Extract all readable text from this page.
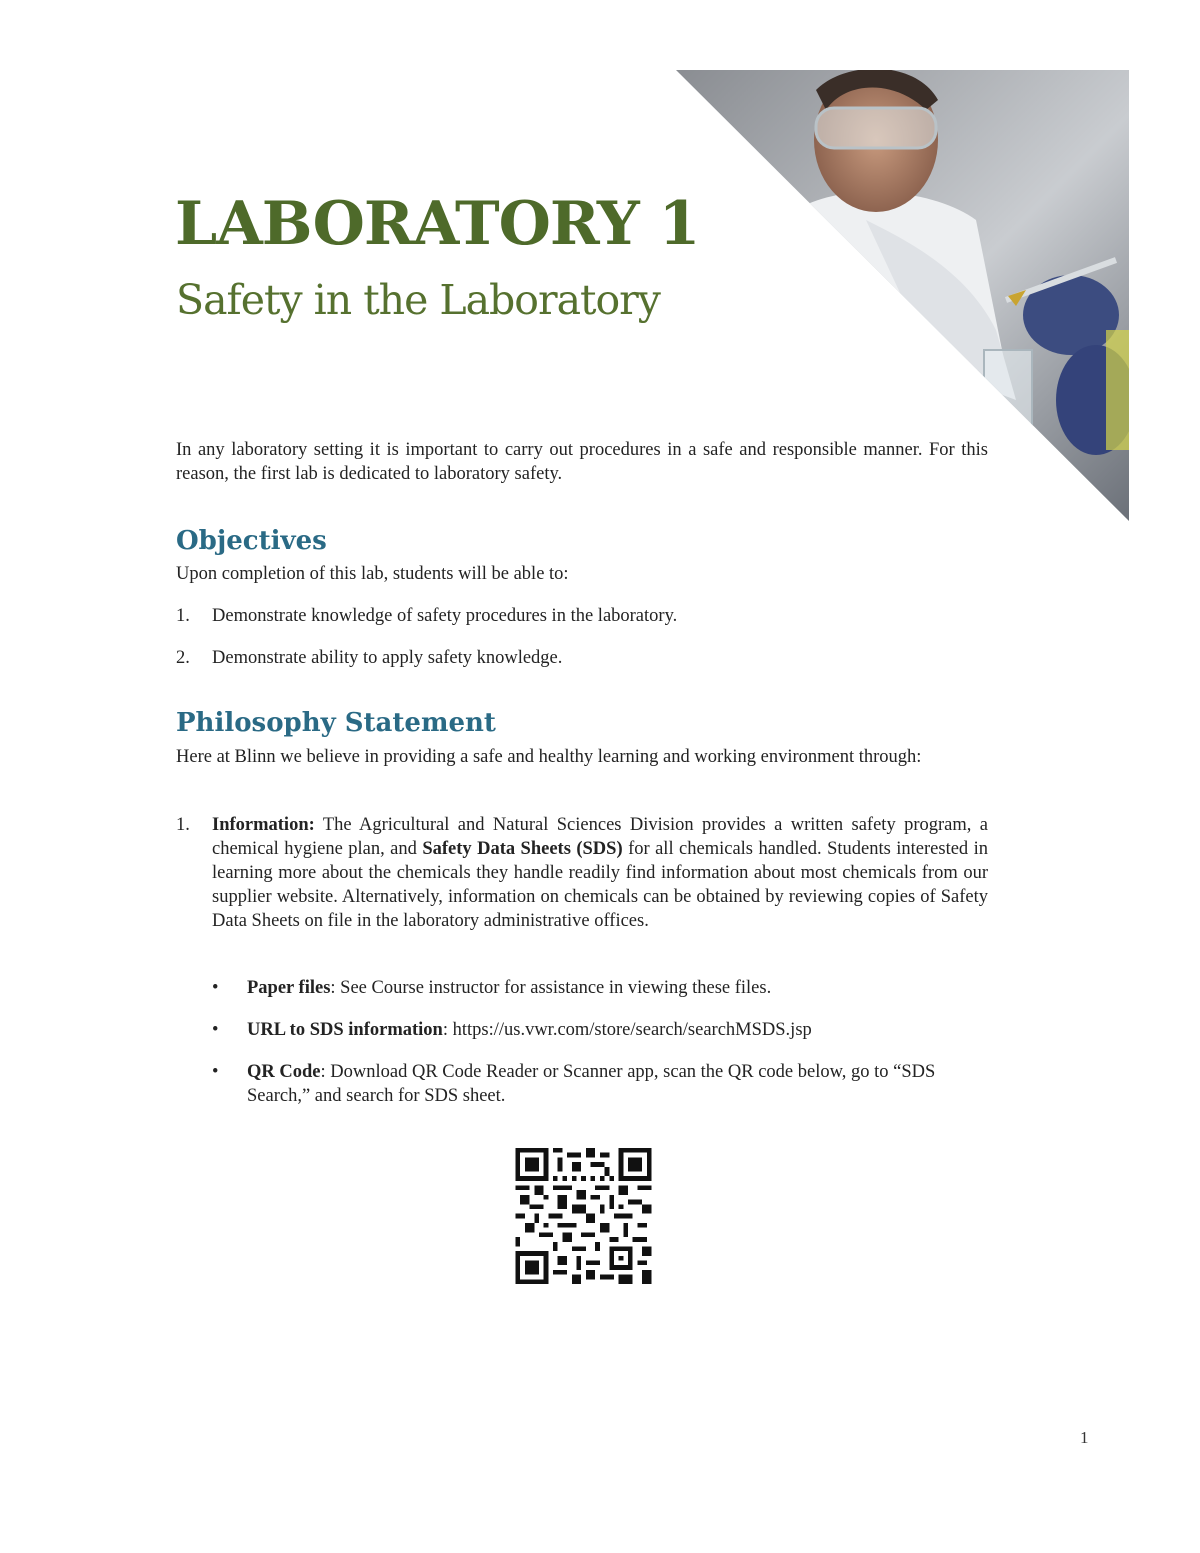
LABORATORY 1

Safety in the Laboratory

In any laboratory setting it is important to carry out procedures in a safe and responsible manner. For this reason, the first lab is dedicated to laboratory safety.

Objectives

Upon completion of this lab, students will be able to:

1. Demonstrate knowledge of safety procedures in the laboratory.
2. Demonstrate ability to apply safety knowledge.
Philosophy Statement

Here at Blinn we believe in providing a safe and healthy learning and working environment through:

1. Information: The Agricultural and Natural Sciences Division provides a written safety program, a chemical hygiene plan, and Safety Data Sheets (SDS) for all chemicals handled. Students interested in learning more about the chemicals they handle readily find information about most chemicals from our supplier website. Alternatively, information on chemicals can be obtained by reviewing copies of Safety Data Sheets on file in the laboratory administrative offices.
• Paper files: See Course instructor for assistance in viewing these files.
• URL to SDS information: https://us.vwr.com/store/search/searchMSDS.jsp
• QR Code: Download QR Code Reader or Scanner app, scan the QR code below, go to “SDS Search,” and search for SDS sheet.
1
